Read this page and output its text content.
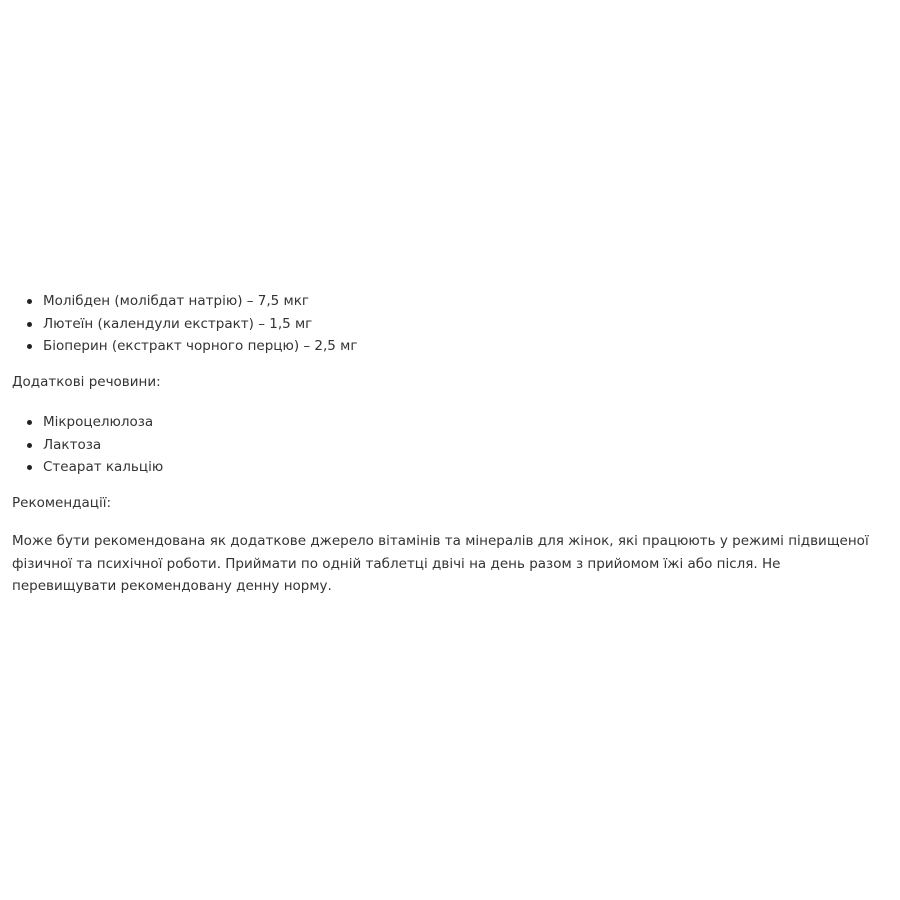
Молібден (молібдат натрію) – 7,5 мкг
Лютеїн (календули екстракт) – 1,5 мг
Біоперин (екстракт чорного перцю) – 2,5 мг

Додаткові речовини:

Мікроцелюлоза
Лактоза
Стеарат кальцію

Рекомендації:

Може бути рекомендована як додаткове джерело вітамінів та мінералів для жінок, які працюють у режимі підвищеної фізичної та психічної роботи. Приймати по одній таблетці двічі на день разом з прийомом їжі або після. Не перевищувати рекомендовану денну норму.
